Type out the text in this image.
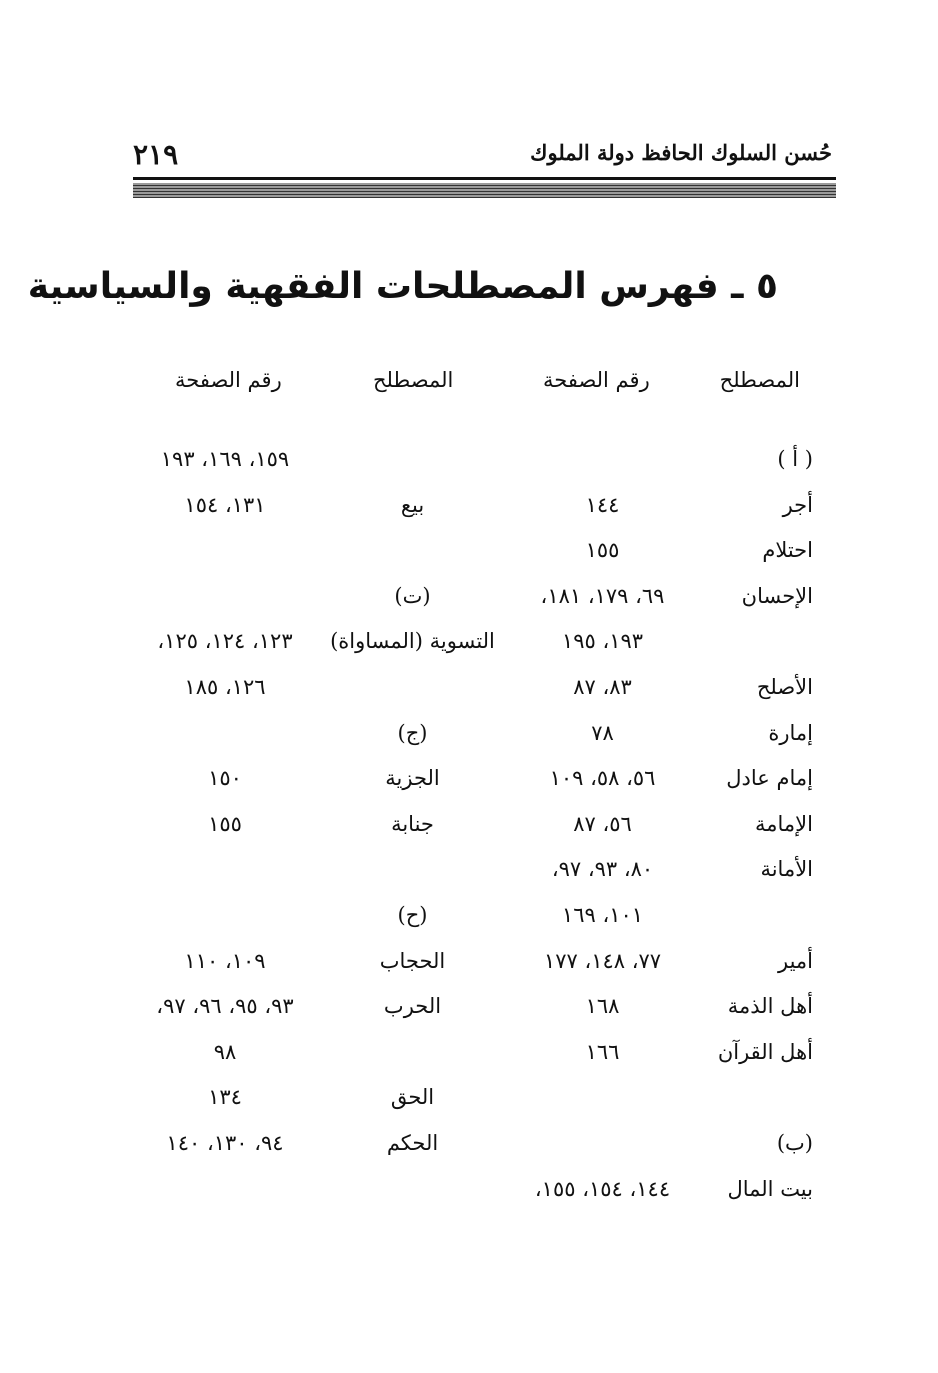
حُسن السلوك الحافظ دولة الملوك
٢١٩
٥ ـ فهرس المصطلحات الفقهية والسياسية
المصطلح
رقم الصفحة
المصطلح
رقم الصفحة
( أ )
١٥٩، ١٦٩، ١٩٣
أجر
١٤٤
بيع
١٣١، ١٥٤
احتلام
١٥٥
الإحسان
٦٩، ١٧٩، ١٨١،
(ت)
١٩٣، ١٩٥
التسوية (المساواة)
١٢٣، ١٢٤، ١٢٥،
الأصلح
٨٣، ٨٧
١٢٦، ١٨٥
إمارة
٧٨
(ج)
إمام عادل
٥٦، ٥٨، ١٠٩
الجزية
١٥٠
الإمامة
٥٦، ٨٧
جنابة
١٥٥
الأمانة
٨٠، ٩٣، ٩٧،
١٠١، ١٦٩
(ح)
أمير
٧٧، ١٤٨، ١٧٧
الحجاب
١٠٩، ١١٠
أهل الذمة
١٦٨
الحرب
٩٣، ٩٥، ٩٦، ٩٧،
أهل القرآن
١٦٦
٩٨
الحق
١٣٤
(ب)
الحكم
٩٤، ١٣٠، ١٤٠
بيت المال
١٤٤، ١٥٤، ١٥٥،
